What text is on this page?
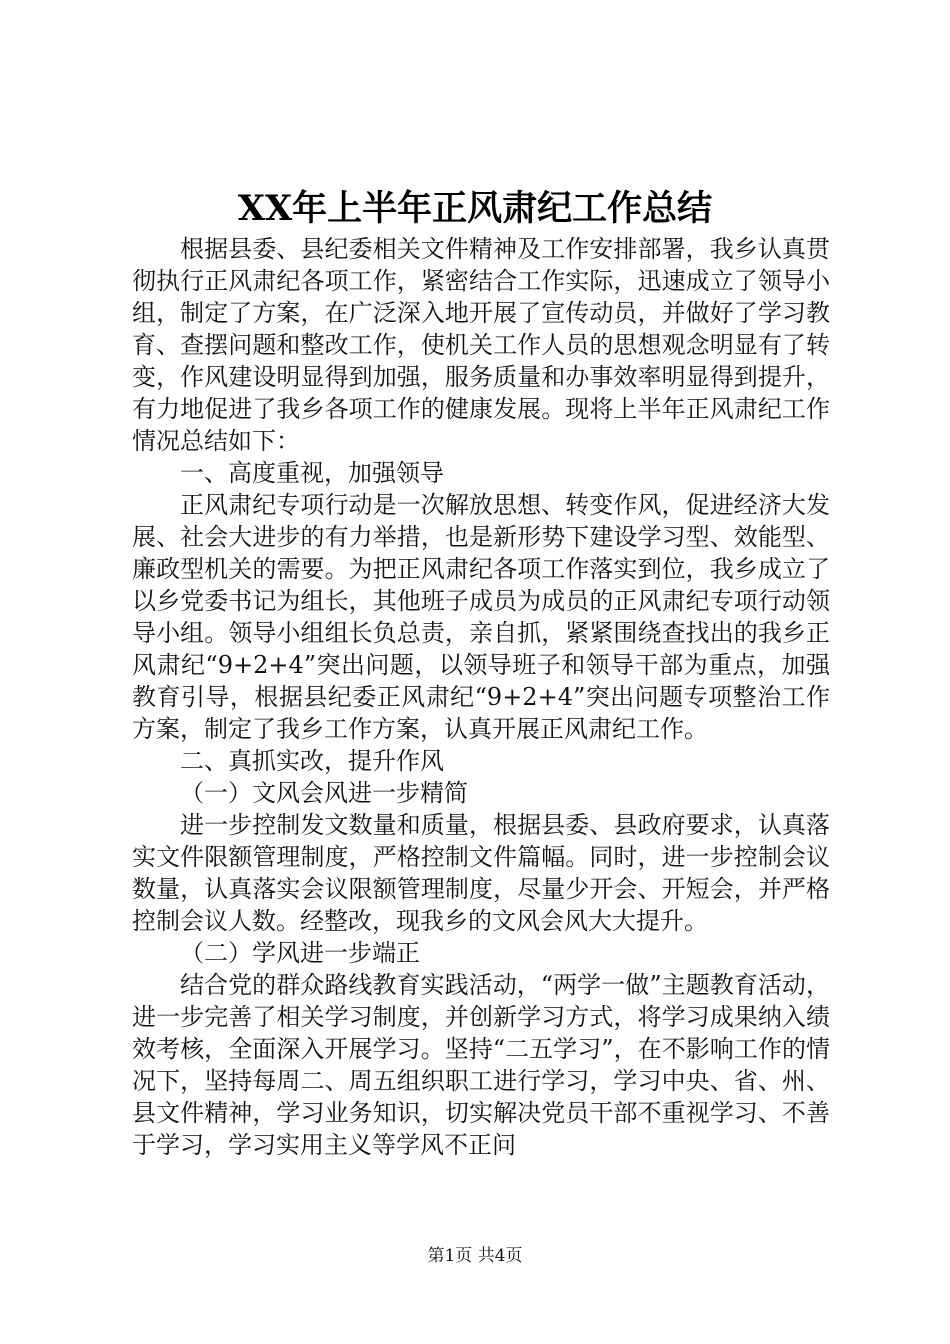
XX年上半年正风肃纪工作总结

根据县委、县纪委相关文件精神及工作安排部署，我乡认真贯彻执行正风肃纪各项工作，紧密结合工作实际，迅速成立了领导小组，制定了方案，在广泛深入地开展了宣传动员，并做好了学习教育、查摆问题和整改工作，使机关工作人员的思想观念明显有了转变，作风建设明显得到加强，服务质量和办事效率明显得到提升，有力地促进了我乡各项工作的健康发展。现将上半年正风肃纪工作情况总结如下：

一、高度重视，加强领导

正风肃纪专项行动是一次解放思想、转变作风，促进经济大发展、社会大进步的有力举措，也是新形势下建设学习型、效能型、廉政型机关的需要。为把正风肃纪各项工作落实到位，我乡成立了以乡党委书记为组长，其他班子成员为成员的正风肃纪专项行动领导小组。领导小组组长负总责，亲自抓，紧紧围绕查找出的我乡正风肃纪“9+2+4”突出问题，以领导班子和领导干部为重点，加强教育引导，根据县纪委正风肃纪“9+2+4”突出问题专项整治工作方案，制定了我乡工作方案，认真开展正风肃纪工作。

二、真抓实改，提升作风

（一）文风会风进一步精简

进一步控制发文数量和质量，根据县委、县政府要求，认真落实文件限额管理制度，严格控制文件篇幅。同时，进一步控制会议数量，认真落实会议限额管理制度，尽量少开会、开短会，并严格控制会议人数。经整改，现我乡的文风会风大大提升。

（二）学风进一步端正

结合党的群众路线教育实践活动，“两学一做”主题教育活动，进一步完善了相关学习制度，并创新学习方式，将学习成果纳入绩效考核，全面深入开展学习。坚持“二五学习”，在不影响工作的情况下，坚持每周二、周五组织职工进行学习，学习中央、省、州、县文件精神，学习业务知识，切实解决党员干部不重视学习、不善于学习，学习实用主义等学风不正问

第1页 共4页
